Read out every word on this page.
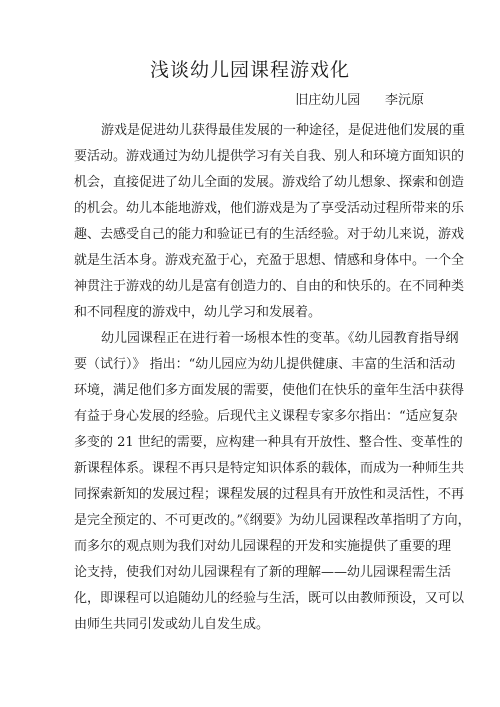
浅谈幼儿园课程游戏化
旧庄幼儿园      李沅原
游戏是促进幼儿获得最佳发展的一种途径，是促进他们发展的重
要活动。游戏通过为幼儿提供学习有关自我、别人和环境方面知识的
机会，直接促进了幼儿全面的发展。游戏给了幼儿想象、探索和创造
的机会。幼儿本能地游戏，他们游戏是为了享受活动过程所带来的乐
趣、去感受自己的能力和验证已有的生活经验。对于幼儿来说，游戏
就是生活本身。游戏充盈于心，充盈于思想、情感和身体中。一个全
神贯注于游戏的幼儿是富有创造力的、自由的和快乐的。在不同种类
和不同程度的游戏中，幼儿学习和发展着。
幼儿园课程正在进行着一场根本性的变革。《幼儿园教育指导纲
要（试行）》 指出：“幼儿园应为幼儿提供健康、丰富的生活和活动
环境，满足他们多方面发展的需要，使他们在快乐的童年生活中获得
有益于身心发展的经验。后现代主义课程专家多尔指出：“适应复杂
多变的 21 世纪的需要，应构建一种具有开放性、整合性、变革性的
新课程体系。课程不再只是特定知识体系的载体，而成为一种师生共
同探索新知的发展过程；课程发展的过程具有开放性和灵活性，不再
是完全预定的、不可更改的。”《纲要》为幼儿园课程改革指明了方向，
而多尔的观点则为我们对幼儿园课程的开发和实施提供了重要的理
论支持，使我们对幼儿园课程有了新的理解——幼儿园课程需生活
化，即课程可以追随幼儿的经验与生活，既可以由教师预设，又可以
由师生共同引发或幼儿自发生成。
